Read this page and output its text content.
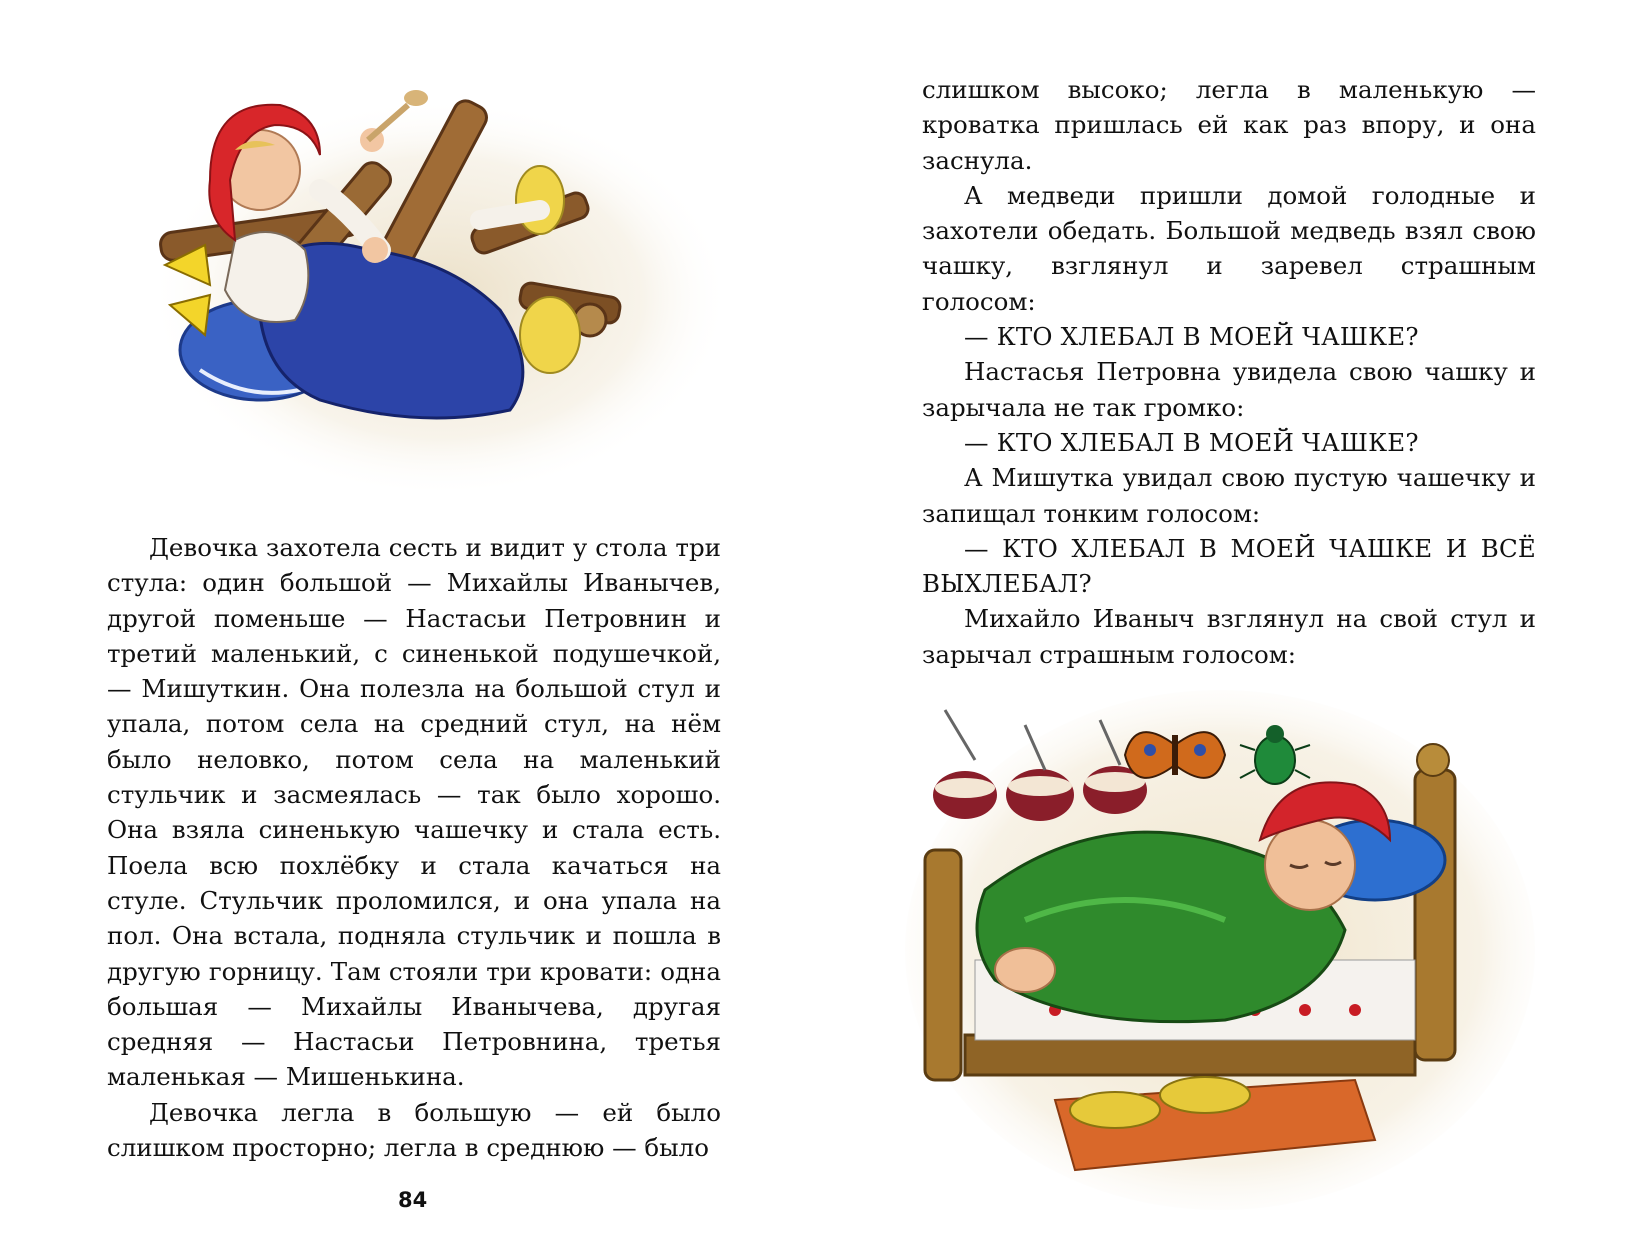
Девочка захотела сесть и видит у стола три стула: один большой — Михайлы Иванычев, другой поменьше — Настасьи Петровнин и третий маленький, с синенькой подушечкой, — Мишуткин. Она полезла на большой стул и упала, потом села на средний стул, на нём было неловко, потом села на маленький стульчик и засмеялась — так было хорошо. Она взяла синенькую чашечку и стала есть. Поела всю похлёбку и стала качаться на стуле. Стульчик проломился, и она упала на пол. Она встала, подняла стульчик и пошла в другую горницу. Там стояли три кровати: одна большая — Михайлы Иванычева, другая средняя — Настасьи Петровнина, третья маленькая — Мишенькина.

Девочка легла в большую — ей было слишком просторно; легла в среднюю — было

слишком высоко; легла в маленькую — кроватка пришлась ей как раз впору, и она заснула.

А медведи пришли домой голодные и захотели обедать. Большой медведь взял свою чашку, взглянул и заревел страшным голосом:

— КТО ХЛЕБАЛ В МОЕЙ ЧАШКЕ?

Настасья Петровна увидела свою чашку и зарычала не так громко:

— КТО ХЛЕБАЛ В МОЕЙ ЧАШКЕ?

А Мишутка увидал свою пустую чашечку и запищал тонким голосом:

— КТО ХЛЕБАЛ В МОЕЙ ЧАШКЕ И ВСЁ ВЫХЛЕБАЛ?

Михайло Иваныч взглянул на свой стул и зарычал страшным голосом:

84
